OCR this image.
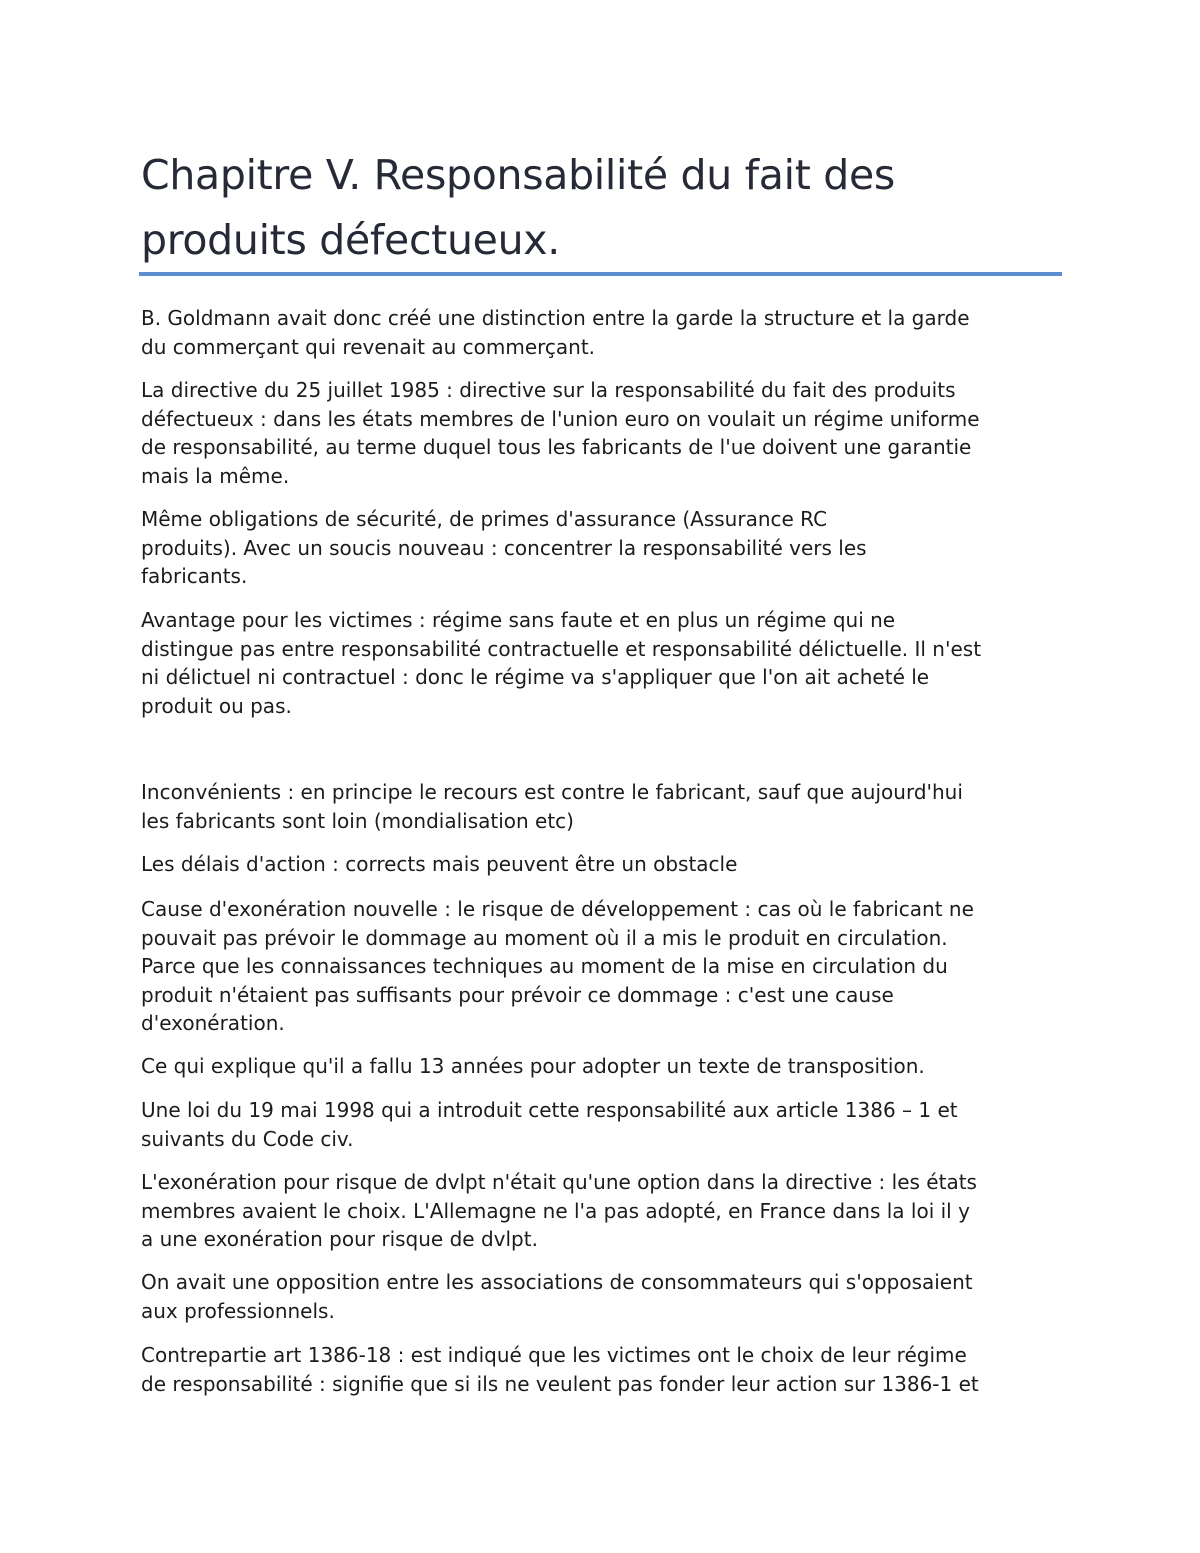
Chapitre V. Responsabilité du fait des
produits défectueux.

B. Goldmann avait donc créé une distinction entre la garde la structure et la garde
du commerçant qui revenait au commerçant.

La directive du 25 juillet 1985 : directive sur la responsabilité du fait des produits
défectueux : dans les états membres de l'union euro on voulait un régime uniforme
de responsabilité, au terme duquel tous les fabricants de l'ue doivent une garantie
mais la même.

Même obligations de sécurité, de primes d'assurance (Assurance RC
produits). Avec un soucis nouveau : concentrer la responsabilité vers les
fabricants.

Avantage pour les victimes : régime sans faute et en plus un régime qui ne
distingue pas entre responsabilité contractuelle et responsabilité délictuelle. Il n'est
ni délictuel ni contractuel : donc le régime va s'appliquer que l'on ait acheté le
produit ou pas.

Inconvénients : en principe le recours est contre le fabricant, sauf que aujourd'hui
les fabricants sont loin (mondialisation etc)

Les délais d'action : corrects mais peuvent être un obstacle

Cause d'exonération nouvelle : le risque de développement : cas où le fabricant ne
pouvait pas prévoir le dommage au moment où il a mis le produit en circulation.
Parce que les connaissances techniques au moment de la mise en circulation du
produit n'étaient pas suffisants pour prévoir ce dommage : c'est une cause
d'exonération.

Ce qui explique qu'il a fallu 13 années pour adopter un texte de transposition.

Une loi du 19 mai 1998 qui a introduit cette responsabilité aux article 1386 – 1 et
suivants du Code civ.

L'exonération pour risque de dvlpt n'était qu'une option dans la directive : les états
membres avaient le choix. L'Allemagne ne l'a pas adopté, en France dans la loi il y
a une exonération pour risque de dvlpt.

On avait une opposition entre les associations de consommateurs qui s'opposaient
aux professionnels.

Contrepartie art 1386-18 : est indiqué que les victimes ont le choix de leur régime
de responsabilité : signifie que si ils ne veulent pas fonder leur action sur 1386-1 et
